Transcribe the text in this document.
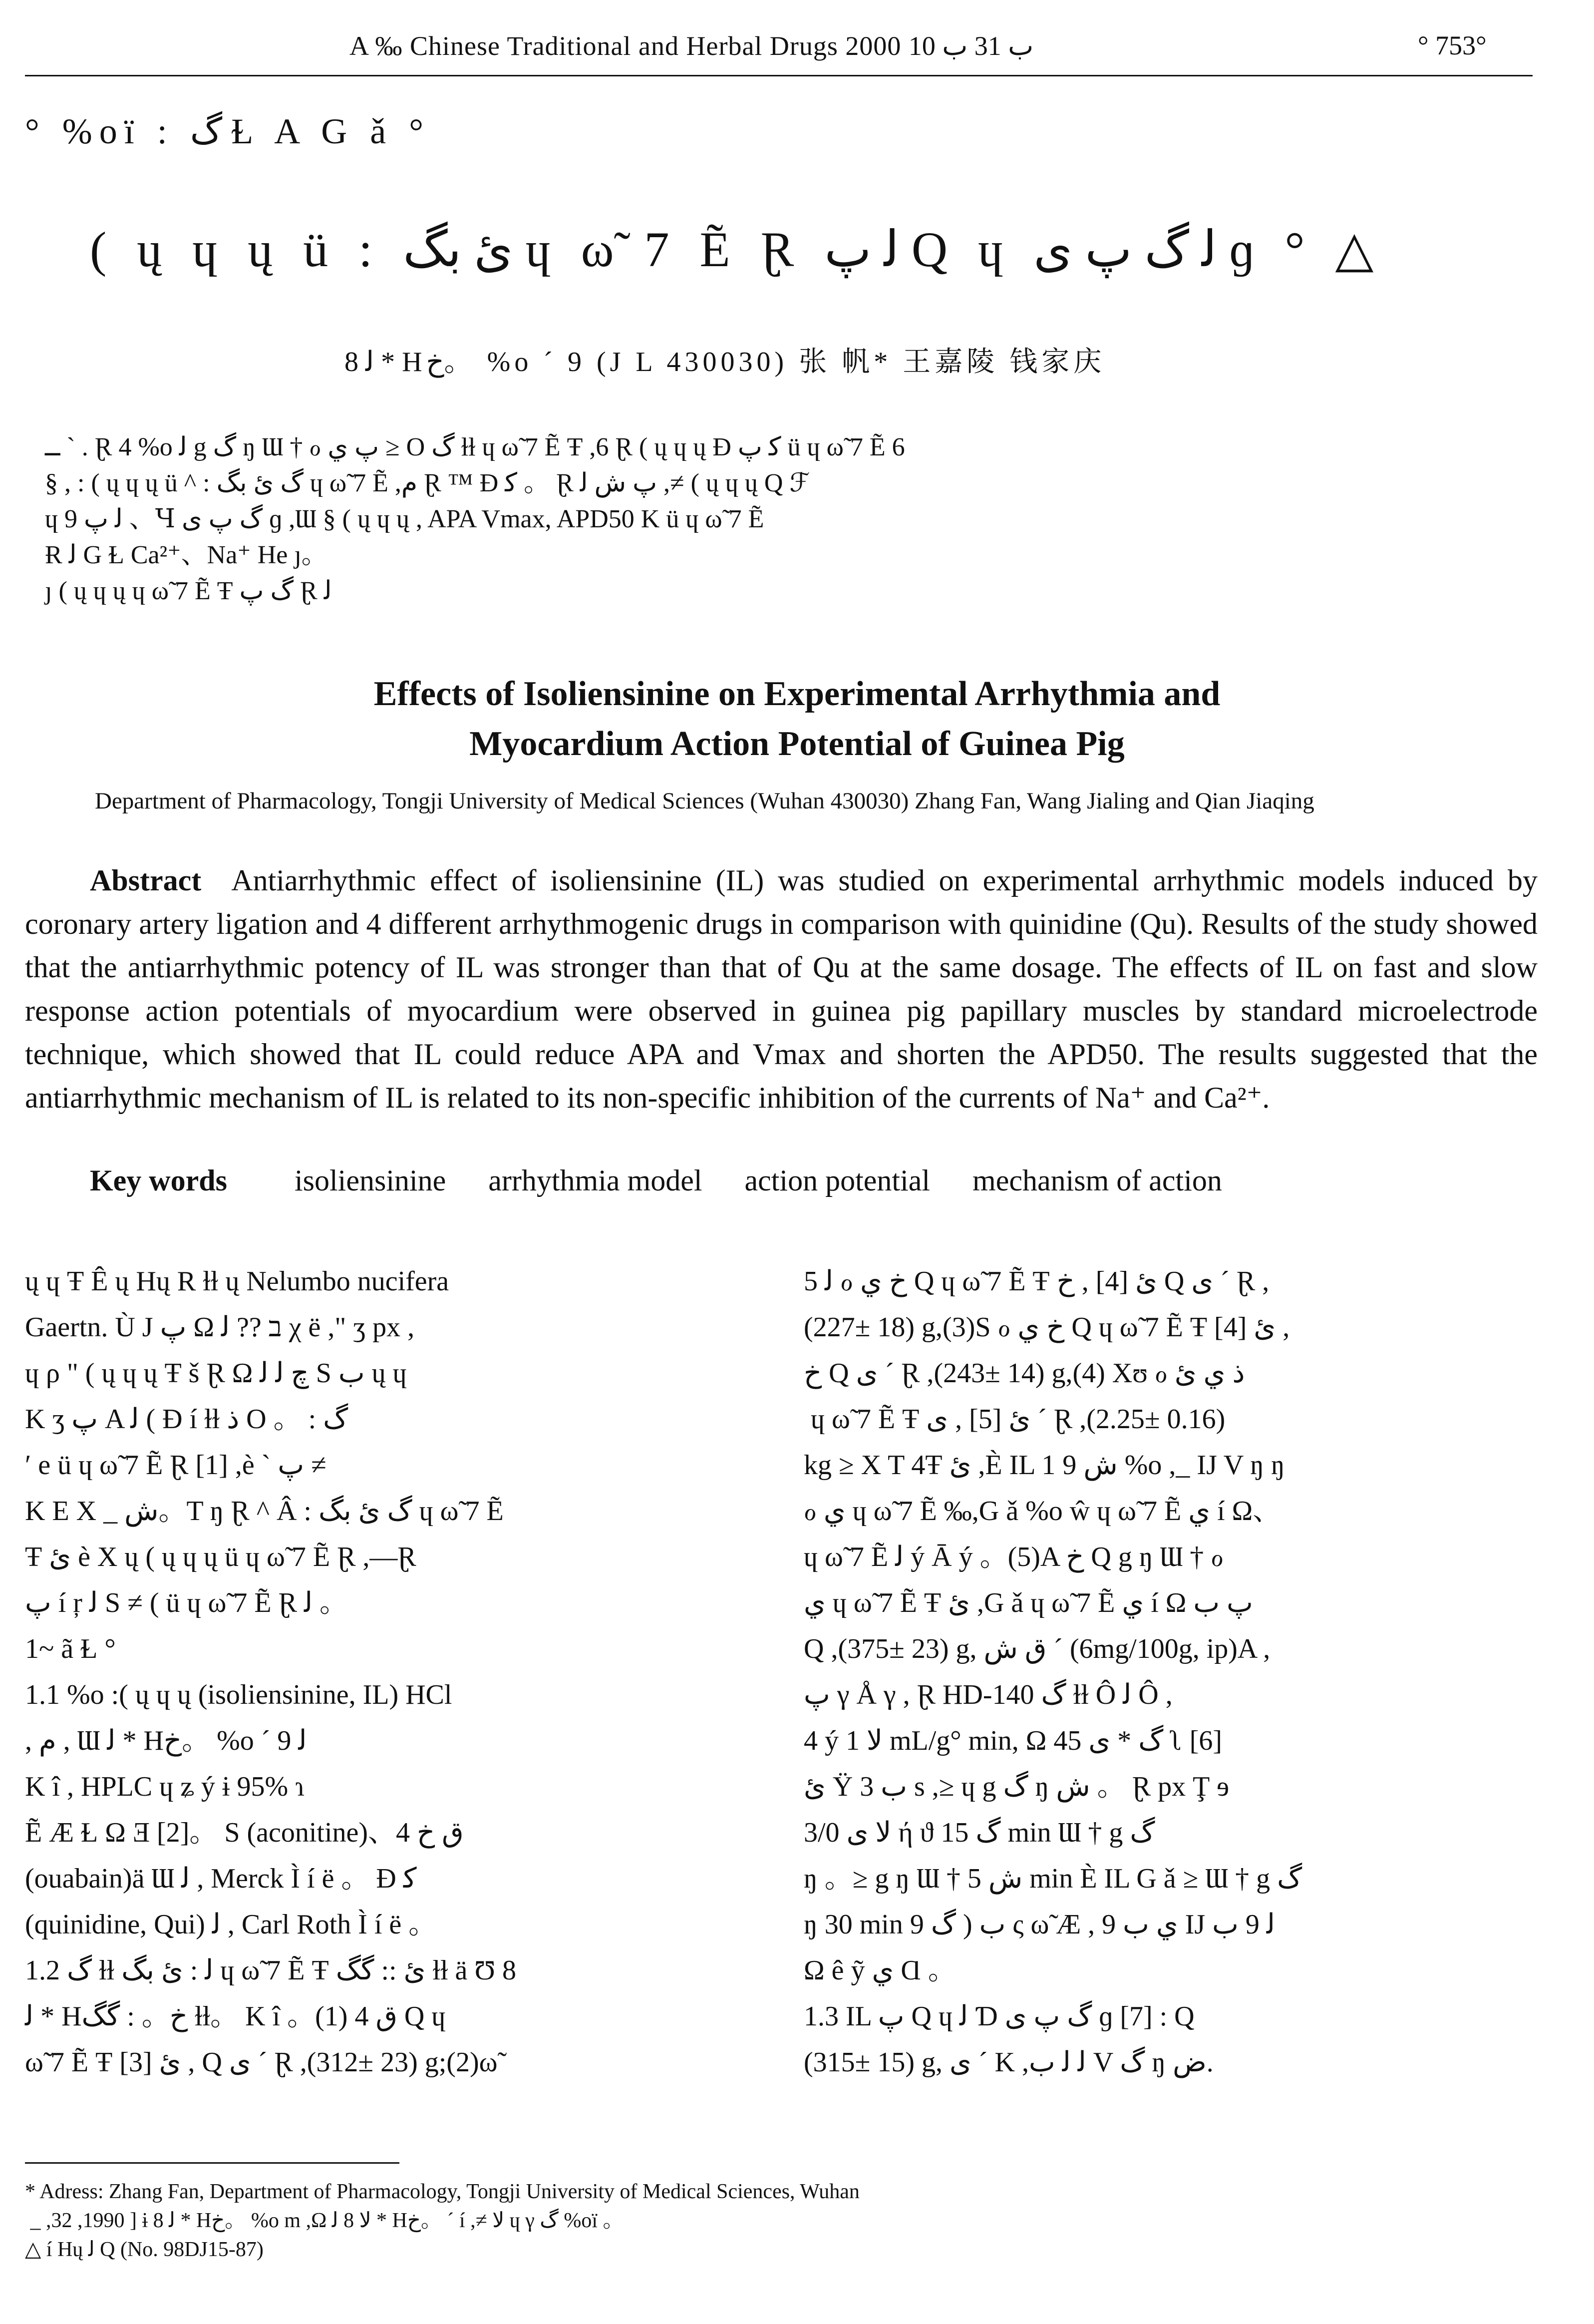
A ‰ Chinese Traditional and Herbal Drugs 2000 ب 31 ب 10	° 753°
° %oï : گ Ɫ A G ǎ °
( ų ɥ ų ü : ئ بگ ɥ ω̃ 7 Ẽ Ɽ ﻟ پ Q ɥ ﻟ گ پ ﯼ ɡ ° △
8 ﻟ * Hخ。 %o ´ 9 (J L 430030) 张 帆* 王嘉陵 钱家庆
ــ ` . Ɽ 4 %o ﻟ g گ ŋ Ɯ † ℴ پ ي ≥ O گ ɫɫ ɥ ω̃ 7 Ẽ Ŧ ,6 Ɽ ( ų ɥ ų Ɖ ﻛ پ ü ɥ ω̃ 7 Ẽ 6
§ , : ( ų ɥ ų ü ^ : گ ئ بگ ɥ ω̃ 7 Ẽ ,ﻡ Ɽ ™ Ɖ ﻛ 。 Ɽ پ ش ﻟ ,≠ ( ų ɥ ų Q ℱ
ɥ 9 ﻟ پ 、Ɥ گ پ ﯼ ɡ ,Ɯ § ( ų ɥ ų , APA Vmax, APD50 K ü ɥ ω̃ 7 Ẽ
Ɍ ﻟ G Ɫ Ca²⁺、Na⁺ He ȷ。
ȷ ( ų ɥ ų ɥ ω̃ 7 Ẽ Ŧ گ پ Ɽ ﻟ
Effects of Isoliensinine on Experimental Arrhythmia and
Myocardium Action Potential of Guinea Pig
Department of Pharmacology, Tongji University of Medical Sciences (Wuhan 430030) Zhang Fan, Wang Jialing and Qian Jiaqing
Abstract Antiarrhythmic effect of isoliensinine (IL) was studied on experimental arrhythmic models induced by coronary artery ligation and 4 different arrhythmogenic drugs in comparison with quinidine (Qu). Results of the study showed that the antiarrhythmic potency of IL was stronger than that of Qu at the same dosage. The effects of IL on fast and slow response action potentials of myocardium were observed in guinea pig papillary muscles by standard microelectrode technique, which showed that IL could reduce APA and Vmax and shorten the APD50. The results suggested that the antiarrhythmic mechanism of IL is related to its non-specific inhibition of the currents of Na⁺ and Ca²⁺.
Key words isoliensinine arrhythmia model action potential mechanism of action
ų ɥ Ŧ Ê ų Hų R ɫɫ ų Nelumbo nucifera
Gaertn. Ù J پ Ω ב ?? ﻟ χ ë ," ʒ px ,
ɥ ρ " ( ų ɥ ų Ŧ š Ɽ Ω چ ﻟ ﻟ S ب ų ɥ
K ʒ پ A ﻟ ( Ɖ í ɫɫ ذ O 。 : گ
′ e ü ɥ ω̃ 7 Ẽ Ɽ [1] ,è ` پ ≠
K E X _ ش。T ŋ Ɽ ^ Â : گ ئ بگ ɥ ω̃ 7 Ẽ
Ŧ ئ è X ų ( ų ɥ ų ü ɥ ω̃ 7 Ẽ Ɽ ,—Ɽ
پ í ŗ ﻟ S ≠ ( ü ɥ ω̃ 7 Ẽ Ɽ ﻟ 。
1~ ã Ɫ °
1.1 %o :( ų ɥ ų (isoliensinine, IL) HCl
, ﻡ , Ɯ ﻟ * Hخ。 %o ´ 9 ﻟ
K î , HPLC ɥ ʑ ý ɨ 95% ɿ
Ẽ Æ Ɫ Ω Ǝ [2]。 S (aconitine)、ق خ 4
(ouabain)ä Ɯ ﻟ , Merck Ì í ë 。 Ɖ ﻛ
(quinidine, Qui) ﻟ , Carl Roth Ì í ë 。
1.2 گ ɫɫ ﻟ : ئ بگ ɥ ω̃ 7 Ẽ Ŧ ئ :: گگ ɫɫ ä Ʊ 8
ﻟ * Hخ。 : گگ ɫɫ。 K î 。(1) ق 4 Q ɥ
ω̃ 7 Ẽ Ŧ ئ [3] , Q ی ´ Ɽ ,(312± 23) g;(2)ω̃
ﻟ 5 ℴ خ ي Q ɥ ω̃ 7 Ẽ Ŧ ئ [4] , خ Q ی ´ Ɽ ,
(227± 18) g,(3)S ℴ خ ي Q ɥ ω̃ 7 Ẽ Ŧ ئ [4] ,
خ Q ی ´ Ɽ ,(243± 14) g,(4) Xʊ ℴ ذ ي ئ
ɥ ω̃ 7 Ẽ Ŧ ئ [5] , ی ´ Ɽ ,(2.25± 0.16)
kg ≥ X T 4Ŧ ئ ,È IL ش 9 1 %o ,_ IJ V ŋ ŋ
ℴ ي ɥ ω̃ 7 Ẽ ‰,G ǎ %o ŵ ɥ ω̃ 7 Ẽ ي í Ω、
ɥ ω̃ 7 Ẽ ﻟ ý Ā ý 。(5)A خ Q g ŋ Ɯ † ℴ
ي ɥ ω̃ 7 Ẽ Ŧ ئ ,G ǎ ɥ ω̃ 7 Ẽ ي í Ω پ ب
Q ,(375± 23) g, ق ش ´ (6mg/100g, ip)A ,
پ γ Å γ , Ɽ HD-140 گ ɫɫ Ô ﻟ Ô ,
4 ý ﻻ 1 mL/g° min, Ω 45 گ * ی ʅ [6]
ئ Ÿ ب 3 s ,≥ ɥ g گ ŋ ش 。 Ɽ px Ţ ɘ
ﻻ ى 3/0 ή ϑ گ 15 min Ɯ † g گ
ŋ 。≥ g ŋ Ɯ † ش 5 min È IL G ǎ ≥ Ɯ † g گ
ŋ 30 min 9 ب ( گ ς ω̃ Æ , ي ب 9 IJ ﻟ 9 ب
Ω ê ỹ ي Ɑ 。
1.3 IL پ Q ɥ ﻟ Ɗ گ پ ﯼ ɡ [7] : Q
(315± 15) g, ی ´ K ,ﻟ ﻟ ب V گ ŋ ض.
* Adress: Zhang Fan, Department of Pharmacology, Tongji University of Medical Sciences, Wuhan
_ ,32 ,1990 ] ɨ 8 ﻟ * Hخ。 %o m ,Ω ﻻ 8 ﻟ * Hخ。 ´ í ,≠ ﻻ ɥ γ گ %oï 。
△ í Hų ﻟ Q (No. 98DJ15-87)
